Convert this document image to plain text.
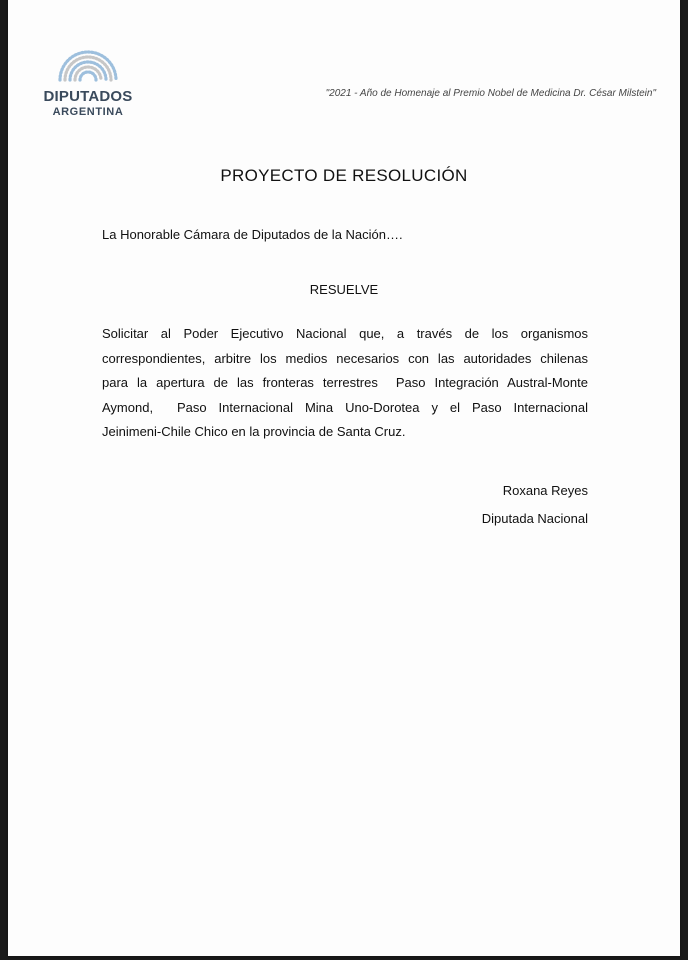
DIPUTADOS
ARGENTINA
"2021 - Año de Homenaje al Premio Nobel de Medicina Dr. César Milstein"
PROYECTO DE RESOLUCIÓN
La Honorable Cámara de Diputados de la Nación….
RESUELVE
Solicitar al Poder Ejecutivo Nacional que, a través de los organismos
correspondientes, arbitre los medios necesarios con las autoridades chilenas
para la apertura de las fronteras terrestres  Paso Integración Austral-Monte
Aymond,  Paso Internacional Mina Uno-Dorotea y el Paso Internacional
Jeinimeni-Chile Chico en la provincia de Santa Cruz.
Roxana Reyes
Diputada Nacional
